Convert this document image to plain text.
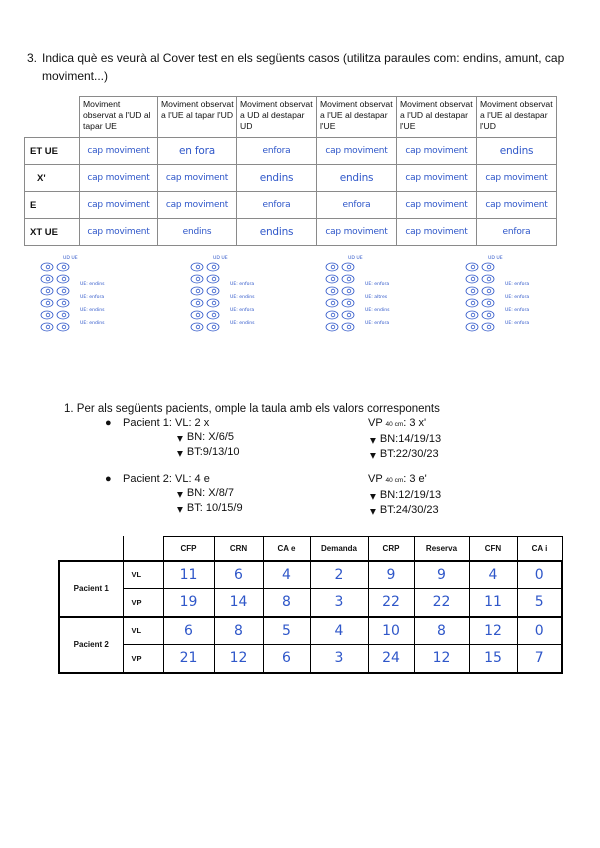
3. Indica què es veurà al Cover test en els següents casos (utilitza paraules com: endins, amunt, cap moviment...)
	Moviment observat a l'UD al tapar UE	Moviment observat a l'UE al tapar l'UD	Moviment observat a UD al destapar UD	Moviment observat a l'UE al destapar l'UE	Moviment observat a l'UD al destapar l'UE	Moviment observat a l'UE al destapar l'UD
ET UE	cap moviment	en fora	enfora	cap moviment	cap moviment	endins
X'	cap moviment	cap moviment	endins	endins	cap moviment	cap moviment
E	cap moviment	cap moviment	enfora	enfora	cap moviment	cap moviment
XT UE	cap moviment	endins	endins	cap moviment	cap moviment	enfora
UD UE
UE: endins
UE: enfora
UE: endins
UE: endins
UD UE
UE: enfora
UE: endins
UE: enfora
UE: endins
UD UE
UE: enfora
UE: altres
UE: endins
UE: enfora
UD UE
UE: enfora
UE: enfora
UE: enfora
UE: enfora
1. Per als següents pacients, omple la taula amb els valors corresponents
● Pacient 1: VL: 2 x
▲ BN: X/6/5
▲ BT:9/13/10
VP 40 cm: 3 x'
▲ BN:14/19/13
▲ BT:22/30/23
● Pacient 2: VL: 4 e
▲ BN: X/8/7
▲ BT: 10/15/9
VP 40 cm: 3 e'
▲ BN:12/19/13
▲ BT:24/30/23
		CFP	CRN	CA e	Demanda	CRP	Reserva	CFN	CA i
Pacient 1	VL	11	6	4	2	9	9	4	0
	VP	19	14	8	3	22	22	11	5
Pacient 2	VL	6	8	5	4	10	8	12	0
	VP	21	12	6	3	24	12	15	7
